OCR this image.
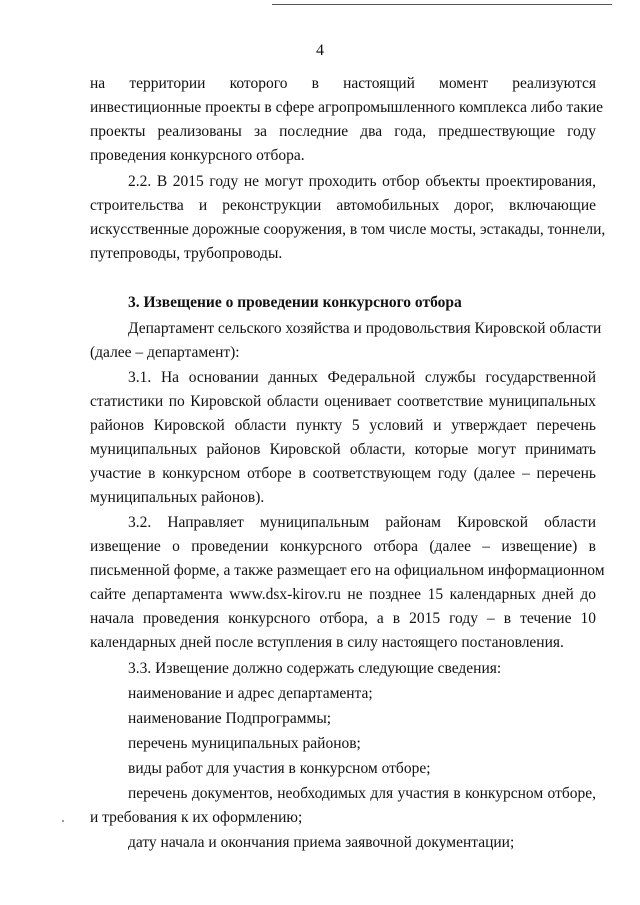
4
на территории которого в настоящий момент реализуются
инвестиционные проекты в сфере агропромышленного комплекса либо такие
проекты реализованы за последние два года, предшествующие году
проведения конкурсного отбора.
2.2. В 2015 году не могут проходить отбор объекты проектирования,
строительства и реконструкции автомобильных дорог, включающие
искусственные дорожные сооружения, в том числе мосты, эстакады, тоннели,
путепроводы, трубопроводы.
3. Извещение о проведении конкурсного отбора
Департамент сельского хозяйства и продовольствия Кировской области
(далее – департамент):
3.1. На основании данных Федеральной службы государственной
статистики по Кировской области оценивает соответствие муниципальных
районов Кировской области пункту 5 условий и утверждает перечень
муниципальных районов Кировской области, которые могут принимать
участие в конкурсном отборе в соответствующем году (далее – перечень
муниципальных районов).
3.2. Направляет муниципальным районам Кировской области
извещение о проведении конкурсного отбора (далее – извещение) в
письменной форме, а также размещает его на официальном информационном
сайте департамента www.dsx-kirov.ru не позднее 15 календарных дней до
начала проведения конкурсного отбора, а в 2015 году – в течение 10
календарных дней после вступления в силу настоящего постановления.
3.3. Извещение должно содержать следующие сведения:
наименование и адрес департамента;
наименование Подпрограммы;
перечень муниципальных районов;
виды работ для участия в конкурсном отборе;
перечень документов, необходимых для участия в конкурсном отборе,
и требования к их оформлению;
дату начала и окончания приема заявочной документации;
